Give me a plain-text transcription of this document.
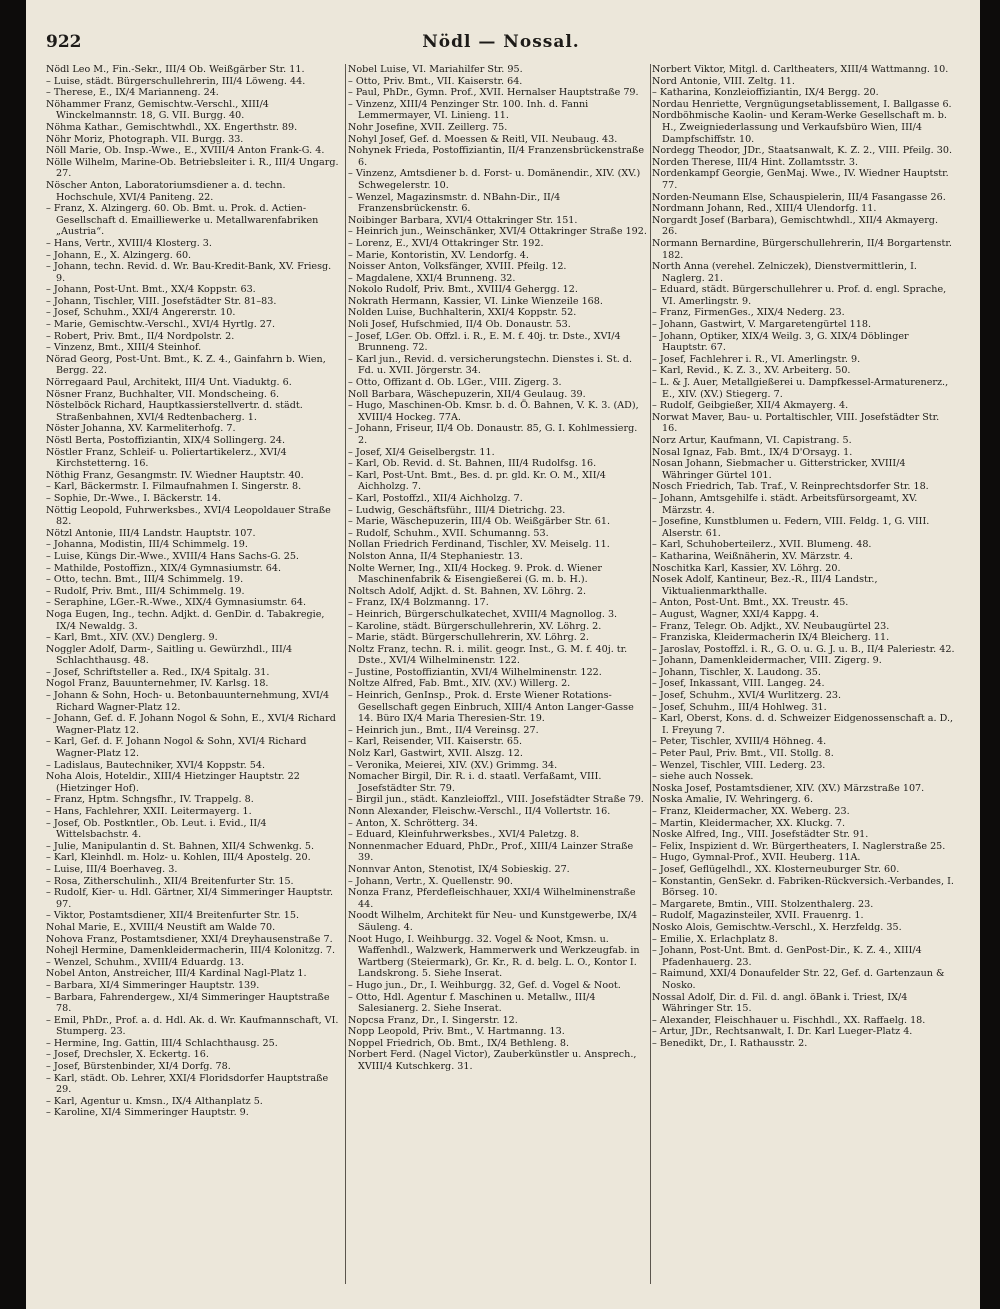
Nödl — Nossal.
922

Nödl Leo M., Fin.-Sekr., III/4 Ob. Weißgärber Str. 11.

– Luise, städt. Bürgerschullehrerin, III/4 Löweng. 44.

– Therese, E., IX/4 Marianneng. 24.

Nöhammer Franz, Gemischtw.-Verschl., XIII/4 Winckelmannstr. 18, G. VII. Burgg. 40.

Nöhma Kathar., Gemischtwhdl., XX. Engerthstr. 89.

Nöhr Moriz, Photograph. VII. Burgg. 33.

Nöll Marie, Ob. Insp.-Wwe., E., XVIII/4 Anton Frank-G. 4.

Nölle Wilhelm, Marine-Ob. Betriebsleiter i. R., III/4 Ungarg. 27.

Nöscher Anton, Laboratoriumsdiener a. d. techn. Hochschule, XVI/4 Paniteng. 22.

– Franz, X. Alzingerg. 60. Ob. Bmt. u. Prok. d. Actien-Gesellschaft d. Emailliewerke u. Metallwarenfabriken „Austria“.

– Hans, Vertr., XVIII/4 Klosterg. 3.

– Johann, E., X. Alzingerg. 60.

– Johann, techn. Revid. d. Wr. Bau-Kredit-Bank, XV. Friesg. 9.

– Johann, Post-Unt. Bmt., XX/4 Koppstr. 63.

– Johann, Tischler, VIII. Josefstädter Str. 81–83.

– Josef, Schuhm., XXI/4 Angererstr. 10.

– Marie, Gemischtw.-Verschl., XVI/4 Hyrtlg. 27.

– Robert, Priv. Bmt., II/4 Nordpolstr. 2.

– Vinzenz, Bmt., XIII/4 Steinhof.

Nörad Georg, Post-Unt. Bmt., K. Z. 4., Gainfahrn b. Wien, Bergg. 22.

Nörregaard Paul, Architekt, III/4 Unt. Viaduktg. 6.

Nösner Franz, Buchhalter, VII. Mondscheing. 6.

Nöstelböck Richard, Hauptkassierstellvertr. d. städt. Straßenbahnen, XVI/4 Redtenbacherg. 1.

Nöster Johanna, XV. Karmeliterhofg. 7.

Nöstl Berta, Postoffiziantin, XIX/4 Sollingerg. 24.

Nöstler Franz, Schleif- u. Poliertartikelerz., XVI/4 Kirchstetterng. 16.

Nöthig Franz, Gesangmstr. IV. Wiedner Hauptstr. 40.

– Karl, Bäckermstr. I. Filmaufnahmen I. Singerstr. 8.

– Sophie, Dr.-Wwe., I. Bäckerstr. 14.

Nöttig Leopold, Fuhrwerksbes., XVI/4 Leopoldauer Straße 82.

Nötzl Antonie, III/4 Landstr. Hauptstr. 107.

– Johanna, Modistin, III/4 Schimmelg. 19.

– Luise, Küngs Dir.-Wwe., XVIII/4 Hans Sachs-G. 25.

– Mathilde, Postoffizn., XIX/4 Gymnasiumstr. 64.

– Otto, techn. Bmt., III/4 Schimmelg. 19.

– Rudolf, Priv. Bmt., III/4 Schimmelg. 19.

– Seraphine, LGer.-R.-Wwe., XIX/4 Gymnasiumstr. 64.

Noga Eugen, Ing., techn. Adjkt. d. GenDir. d. Tabakregie, IX/4 Newaldg. 3.

– Karl, Bmt., XIV. (XV.) Denglerg. 9.

Noggler Adolf, Darm-, Saitling u. Gewürzhdl., III/4 Schlachthausg. 48.

– Josef, Schriftsteller a. Red., IX/4 Spitalg. 31.

Nogol Franz, Bauunternehmer, IV. Karlsg. 18.

– Johann & Sohn, Hoch- u. Betonbauunternehmung, XVI/4 Richard Wagner-Platz 12.

– Johann, Gef. d. F. Johann Nogol & Sohn, E., XVI/4 Richard Wagner-Platz 12.

– Karl, Gef. d. F. Johann Nogol & Sohn, XVI/4 Richard Wagner-Platz 12.

– Ladislaus, Bautechniker, XVI/4 Koppstr. 54.

Noha Alois, Hoteldir., XIII/4 Hietzinger Hauptstr. 22 (Hietzinger Hof).

– Franz, Hptm. Schngsfhr., IV. Trappelg. 8.

– Hans, Fachlehrer, XXII. Leitermayerg. 1.

– Josef, Ob. Postkntler., Ob. Leut. i. Evid., II/4 Wittelsbachstr. 4.

– Julie, Manipulantin d. St. Bahnen, XII/4 Schwenkg. 5.

– Karl, Kleinhdl. m. Holz- u. Kohlen, III/4 Apostelg. 20.

– Luise, III/4 Boerhaveg. 3.

– Rosa, Zitherschulinh., XII/4 Breitenfurter Str. 15.

– Rudolf, Kier- u. Hdl. Gärtner, XI/4 Simmeringer Hauptstr. 97.

– Viktor, Postamtsdiener, XII/4 Breitenfurter Str. 15.

Nohal Marie, E., XVIII/4 Neustift am Walde 70.

Nohova Franz, Postamtsdiener, XXI/4 Dreyhausenstraße 7.

Nohejl Hermine, Damenkleidermacherin, III/4 Kolonitzg. 7.

– Wenzel, Schuhm., XVIII/4 Eduardg. 13.

Nobel Anton, Anstreicher, III/4 Kardinal Nagl-Platz 1.

– Barbara, XI/4 Simmeringer Hauptstr. 139.

– Barbara, Fahrendergew., XI/4 Simmeringer Hauptstraße 78.

– Emil, PhDr., Prof. a. d. Hdl. Ak. d. Wr. Kaufmannschaft, VI. Stumperg. 23.

– Hermine, Ing. Gattin, III/4 Schlachthausg. 25.

– Josef, Drechsler, X. Eckertg. 16.

– Josef, Bürstenbinder, XI/4 Dorfg. 78.

– Karl, städt. Ob. Lehrer, XXI/4 Floridsdorfer Hauptstraße 29.

– Karl, Agentur u. Kmsn., IX/4 Althanplatz 5.

– Karoline, XI/4 Simmeringer Hauptstr. 9.

Nobel Luise, VI. Mariahilfer Str. 95.

– Otto, Priv. Bmt., VII. Kaiserstr. 64.

– Paul, PhDr., Gymn. Prof., XVII. Hernalser Hauptstraße 79.

– Vinzenz, XIII/4 Penzinger Str. 100. Inh. d. Fanni Lemmermayer, VI. Linieng. 11.

Nohr Josefine, XVII. Zeillerg. 75.

Nohyl Josef, Gef. d. Moessen & Reitl, VII. Neubaug. 43.

Nohynek Frieda, Postoffiziantin, II/4 Franzensbrückenstraße 6.

– Vinzenz, Amtsdiener b. d. Forst- u. Domänendir., XIV. (XV.) Schwegelerstr. 10.

– Wenzel, Magazinsmstr. d. NBahn-Dir., II/4 Franzensbrückenstr. 6.

Noibinger Barbara, XVI/4 Ottakringer Str. 151.

– Heinrich jun., Weinschänker, XVI/4 Ottakringer Straße 192.

– Lorenz, E., XVI/4 Ottakringer Str. 192.

– Marie, Kontoristin, XV. Lendorfg. 4.

Noisser Anton, Volksfänger, XVIII. Pfeilg. 12.

– Magdalene, XXI/4 Brunneng. 32.

Nokolo Rudolf, Priv. Bmt., XVIII/4 Gehergg. 12.

Nokrath Hermann, Kassier, VI. Linke Wienzeile 168.

Nolden Luise, Buchhalterin, XXI/4 Koppstr. 52.

Noli Josef, Hufschmied, II/4 Ob. Donaustr. 53.

– Josef, LGer. Ob. Offzl. i. R., E. M. f. 40j. tr. Dste., XVI/4 Brunneng. 72.

– Karl jun., Revid. d. versicherungstechn. Dienstes i. St. d. Fd. u. XVII. Jörgerstr. 34.

– Otto, Offizant d. Ob. LGer., VIII. Zigerg. 3.

Noll Barbara, Wäschepuzerin, XII/4 Geulaug. 39.

– Hugo, Maschinen-Ob. Kmsr. b. d. Ö. Bahnen, V. K. 3. (AD), XVIII/4 Hockeg. 77A.

– Johann, Friseur, II/4 Ob. Donaustr. 85, G. I. Kohlmessierg. 2.

– Josef, XI/4 Geiselbergstr. 11.

– Karl, Ob. Revid. d. St. Bahnen, III/4 Rudolfsg. 16.

– Karl, Post-Unt. Bmt., Bes. d. pr. gld. Kr. O. M., XII/4 Aichholzg. 7.

– Karl, Postoffzl., XII/4 Aichholzg. 7.

– Ludwig, Geschäftsführ., III/4 Dietrichg. 23.

– Marie, Wäschepuzerin, III/4 Ob. Weißgärber Str. 61.

– Rudolf, Schuhm., XVII. Schumanng. 53.

Nollan Friedrich Ferdinand, Tischler, XV. Meiselg. 11.

Nolston Anna, II/4 Stephaniestr. 13.

Nolte Werner, Ing., XII/4 Hockeg. 9. Prok. d. Wiener Maschinenfabrik & Eisengießerei (G. m. b. H.).

Noltsch Adolf, Adjkt. d. St. Bahnen, XV. Löhrg. 2.

– Franz, IX/4 Bolzmanng. 17.

– Heinrich, Bürgerschulkatechet, XVIII/4 Magnollog. 3.

– Karoline, städt. Bürgerschullehrerin, XV. Löhrg. 2.

– Marie, städt. Bürgerschullehrerin, XV. Löhrg. 2.

Noltz Franz, techn. R. i. milit. geogr. Inst., G. M. f. 40j. tr. Dste., XVI/4 Wilhelminenstr. 122.

– Justine, Postoffiziantin, XVI/4 Wilhelminenstr. 122.

Noltze Alfred, Fab. Bmt., XIV. (XV.) Willerg. 2.

– Heinrich, GenInsp., Prok. d. Erste Wiener Rotations-Gesellschaft gegen Einbruch, XIII/4 Anton Langer-Gasse 14. Büro IX/4 Maria Theresien-Str. 19.

– Heinrich jun., Bmt., II/4 Vereinsg. 27.

– Karl, Reisender, VII. Kaiserstr. 65.

Nolz Karl, Gastwirt, XVII. Alszg. 12.

– Veronika, Meierei, XIV. (XV.) Grimmg. 34.

Nomacher Birgil, Dir. R. i. d. staatl. Verfaßamt, VIII. Josefstädter Str. 79.

– Birgil jun., städt. Kanzleioffzl., VIII. Josefstädter Straße 79.

Nonn Alexander, Fleischw.-Verschl., II/4 Vollertstr. 16.

– Anton, X. Schrötterg. 34.

– Eduard, Kleinfuhrwerksbes., XVI/4 Paletzg. 8.

Nonnenmacher Eduard, PhDr., Prof., XIII/4 Lainzer Straße 39.

Nonnvar Anton, Stenotist, IX/4 Sobieskig. 27.

– Johann, Vertr., X. Quellenstr. 90.

Nonza Franz, Pferdefleischhauer, XXI/4 Wilhelminenstraße 44.

Noodt Wilhelm, Architekt für Neu- und Kunstgewerbe, IX/4 Säuleng. 4.

Noot Hugo, I. Weihburgg. 32. Vogel & Noot, Kmsn. u. Waffenhdl., Walzwerk, Hammerwerk und Werkzeugfab. in Wartberg (Steiermark), Gr. Kr., R. d. belg. L. O., Kontor I. Landskrong. 5. Siehe Inserat.

– Hugo jun., Dr., I. Weihburgg. 32, Gef. d. Vogel & Noot.

– Otto, Hdl. Agentur f. Maschinen u. Metallw., III/4 Salesianerg. 2. Siehe Inserat.

Nopcsa Franz, Dr., I. Singerstr. 12.

Nopp Leopold, Priv. Bmt., V. Hartmanng. 13.

Noppel Friedrich, Ob. Bmt., IX/4 Bethleng. 8.

Norbert Ferd. (Nagel Victor), Zauberkünstler u. Ansprech., XVIII/4 Kutschkerg. 31.

Norbert Viktor, Mitgl. d. Carltheaters, XIII/4 Wattmanng. 10.

Nord Antonie, VIII. Zeltg. 11.

– Katharina, Konzleioffiziantin, IX/4 Bergg. 20.

Nordau Henriette, Vergnügungsetablissement, I. Ballgasse 6.

Nordböhmische Kaolin- und Keram-Werke Gesellschaft m. b. H., Zweigniederlassung und Verkaufsbüro Wien, III/4 Dampfschiffstr. 10.

Nordegg Theodor, JDr., Staatsanwalt, K. Z. 2., VIII. Pfeilg. 30.

Norden Therese, III/4 Hint. Zollamtsstr. 3.

Nordenkampf Georgie, GenMaj. Wwe., IV. Wiedner Hauptstr. 77.

Norden-Neumann Else, Schauspielerin, III/4 Fasangasse 26.

Nordmann Johann, Red., XIII/4 Ulendorfg. 11.

Norgardt Josef (Barbara), Gemischtwhdl., XII/4 Akmayerg. 26.

Normann Bernardine, Bürgerschullehrerin, II/4 Borgartenstr. 182.

North Anna (verehel. Zelniczek), Dienstvermittlerin, I. Naglerg. 21.

– Eduard, städt. Bürgerschullehrer u. Prof. d. engl. Sprache, VI. Amerlingstr. 9.

– Franz, FirmenGes., XIX/4 Nederg. 23.

– Johann, Gastwirt, V. Margaretengürtel 118.

– Johann, Optiker, XIX/4 Weilg. 3, G. XIX/4 Döblinger Hauptstr. 67.

– Josef, Fachlehrer i. R., VI. Amerlingstr. 9.

– Karl, Revid., K. Z. 3., XV. Arbeiterg. 50.

– L. & J. Auer, Metallgießerei u. Dampfkessel-Armaturenerz., E., XIV. (XV.) Stiegerg. 7.

– Rudolf, Geibgießer, XII/4 Akmayerg. 4.

Norwat Maver, Bau- u. Portaltischler, VIII. Josefstädter Str. 16.

Norz Artur, Kaufmann, VI. Capistrang. 5.

Nosal Ignaz, Fab. Bmt., IX/4 D'Orsayg. 1.

Nosan Johann, Siebmacher u. Gitterstricker, XVIII/4 Währinger Gürtel 101.

Nosch Friedrich, Tab. Traf., V. Reinprechtsdorfer Str. 18.

– Johann, Amtsgehilfe i. städt. Arbeitsfürsorgeamt, XV. Märzstr. 4.

– Josefine, Kunstblumen u. Federn, VIII. Feldg. 1, G. VIII. Alserstr. 61.

– Karl, Schuhoberteilerz., XVII. Blumeng. 48.

– Katharina, Weißnäherin, XV. Märzstr. 4.

Noschitka Karl, Kassier, XV. Löhrg. 20.

Nosek Adolf, Kantineur, Bez.-R., III/4 Landstr., Viktualienmarkthalle.

– Anton, Post-Unt. Bmt., XX. Treustr. 45.

– August, Wagner, XXI/4 Kappg. 4.

– Franz, Telegr. Ob. Adjkt., XV. Neubaugürtel 23.

– Franziska, Kleidermacherin IX/4 Bleicherg. 11.

– Jaroslav, Postoffzl. i. R., G. O. u. G. J. u. B., II/4 Paleriestr. 42.

– Johann, Damenkleidermacher, VIII. Zigerg. 9.

– Johann, Tischler, X. Laudong. 35.

– Josef, Inkassant, VIII. Langeg. 24.

– Josef, Schuhm., XVI/4 Wurlitzerg. 23.

– Josef, Schuhm., III/4 Hohlweg. 31.

– Karl, Oberst, Kons. d. d. Schweizer Eidgenossenschaft a. D., I. Freyung 7.

– Peter, Tischler, XVIII/4 Höhneg. 4.

– Peter Paul, Priv. Bmt., VII. Stollg. 8.

– Wenzel, Tischler, VIII. Lederg. 23.

– siehe auch Nossek.

Noska Josef, Postamtsdiener, XIV. (XV.) Märzstraße 107.

Noska Amalie, IV. Wehringerg. 6.

– Franz, Kleidermacher, XX. Weberg. 23.

– Martin, Kleidermacher, XX. Kluckg. 7.

Noske Alfred, Ing., VIII. Josefstädter Str. 91.

– Felix, Inspizient d. Wr. Bürgertheaters, I. Naglerstraße 25.

– Hugo, Gymnal-Prof., XVII. Heuberg. 11A.

– Josef, Geflügelhdl., XX. Klosterneuburger Str. 60.

– Konstantin, GenSekr. d. Fabriken-Rückversich.-Verbandes, I. Börseg. 10.

– Margarete, Bmtin., VIII. Stolzenthalerg. 23.

– Rudolf, Magazinsteiler, XVII. Frauenrg. 1.

Nosko Alois, Gemischtw.-Verschl., X. Herzfeldg. 35.

– Emilie, X. Erlachplatz 8.

– Johann, Post-Unt. Bmt. d. GenPost-Dir., K. Z. 4., XIII/4 Pfadenhauerg. 23.

– Raimund, XXI/4 Donaufelder Str. 22, Gef. d. Gartenzaun & Nosko.

Nossal Adolf, Dir. d. Fil. d. angl. öBank i. Triest, IX/4 Währinger Str. 15.

– Alexander, Fleischhauer u. Fischhdl., XX. Raffaelg. 18.

– Artur, JDr., Rechtsanwalt, I. Dr. Karl Lueger-Platz 4.

– Benedikt, Dr., I. Rathausstr. 2.
